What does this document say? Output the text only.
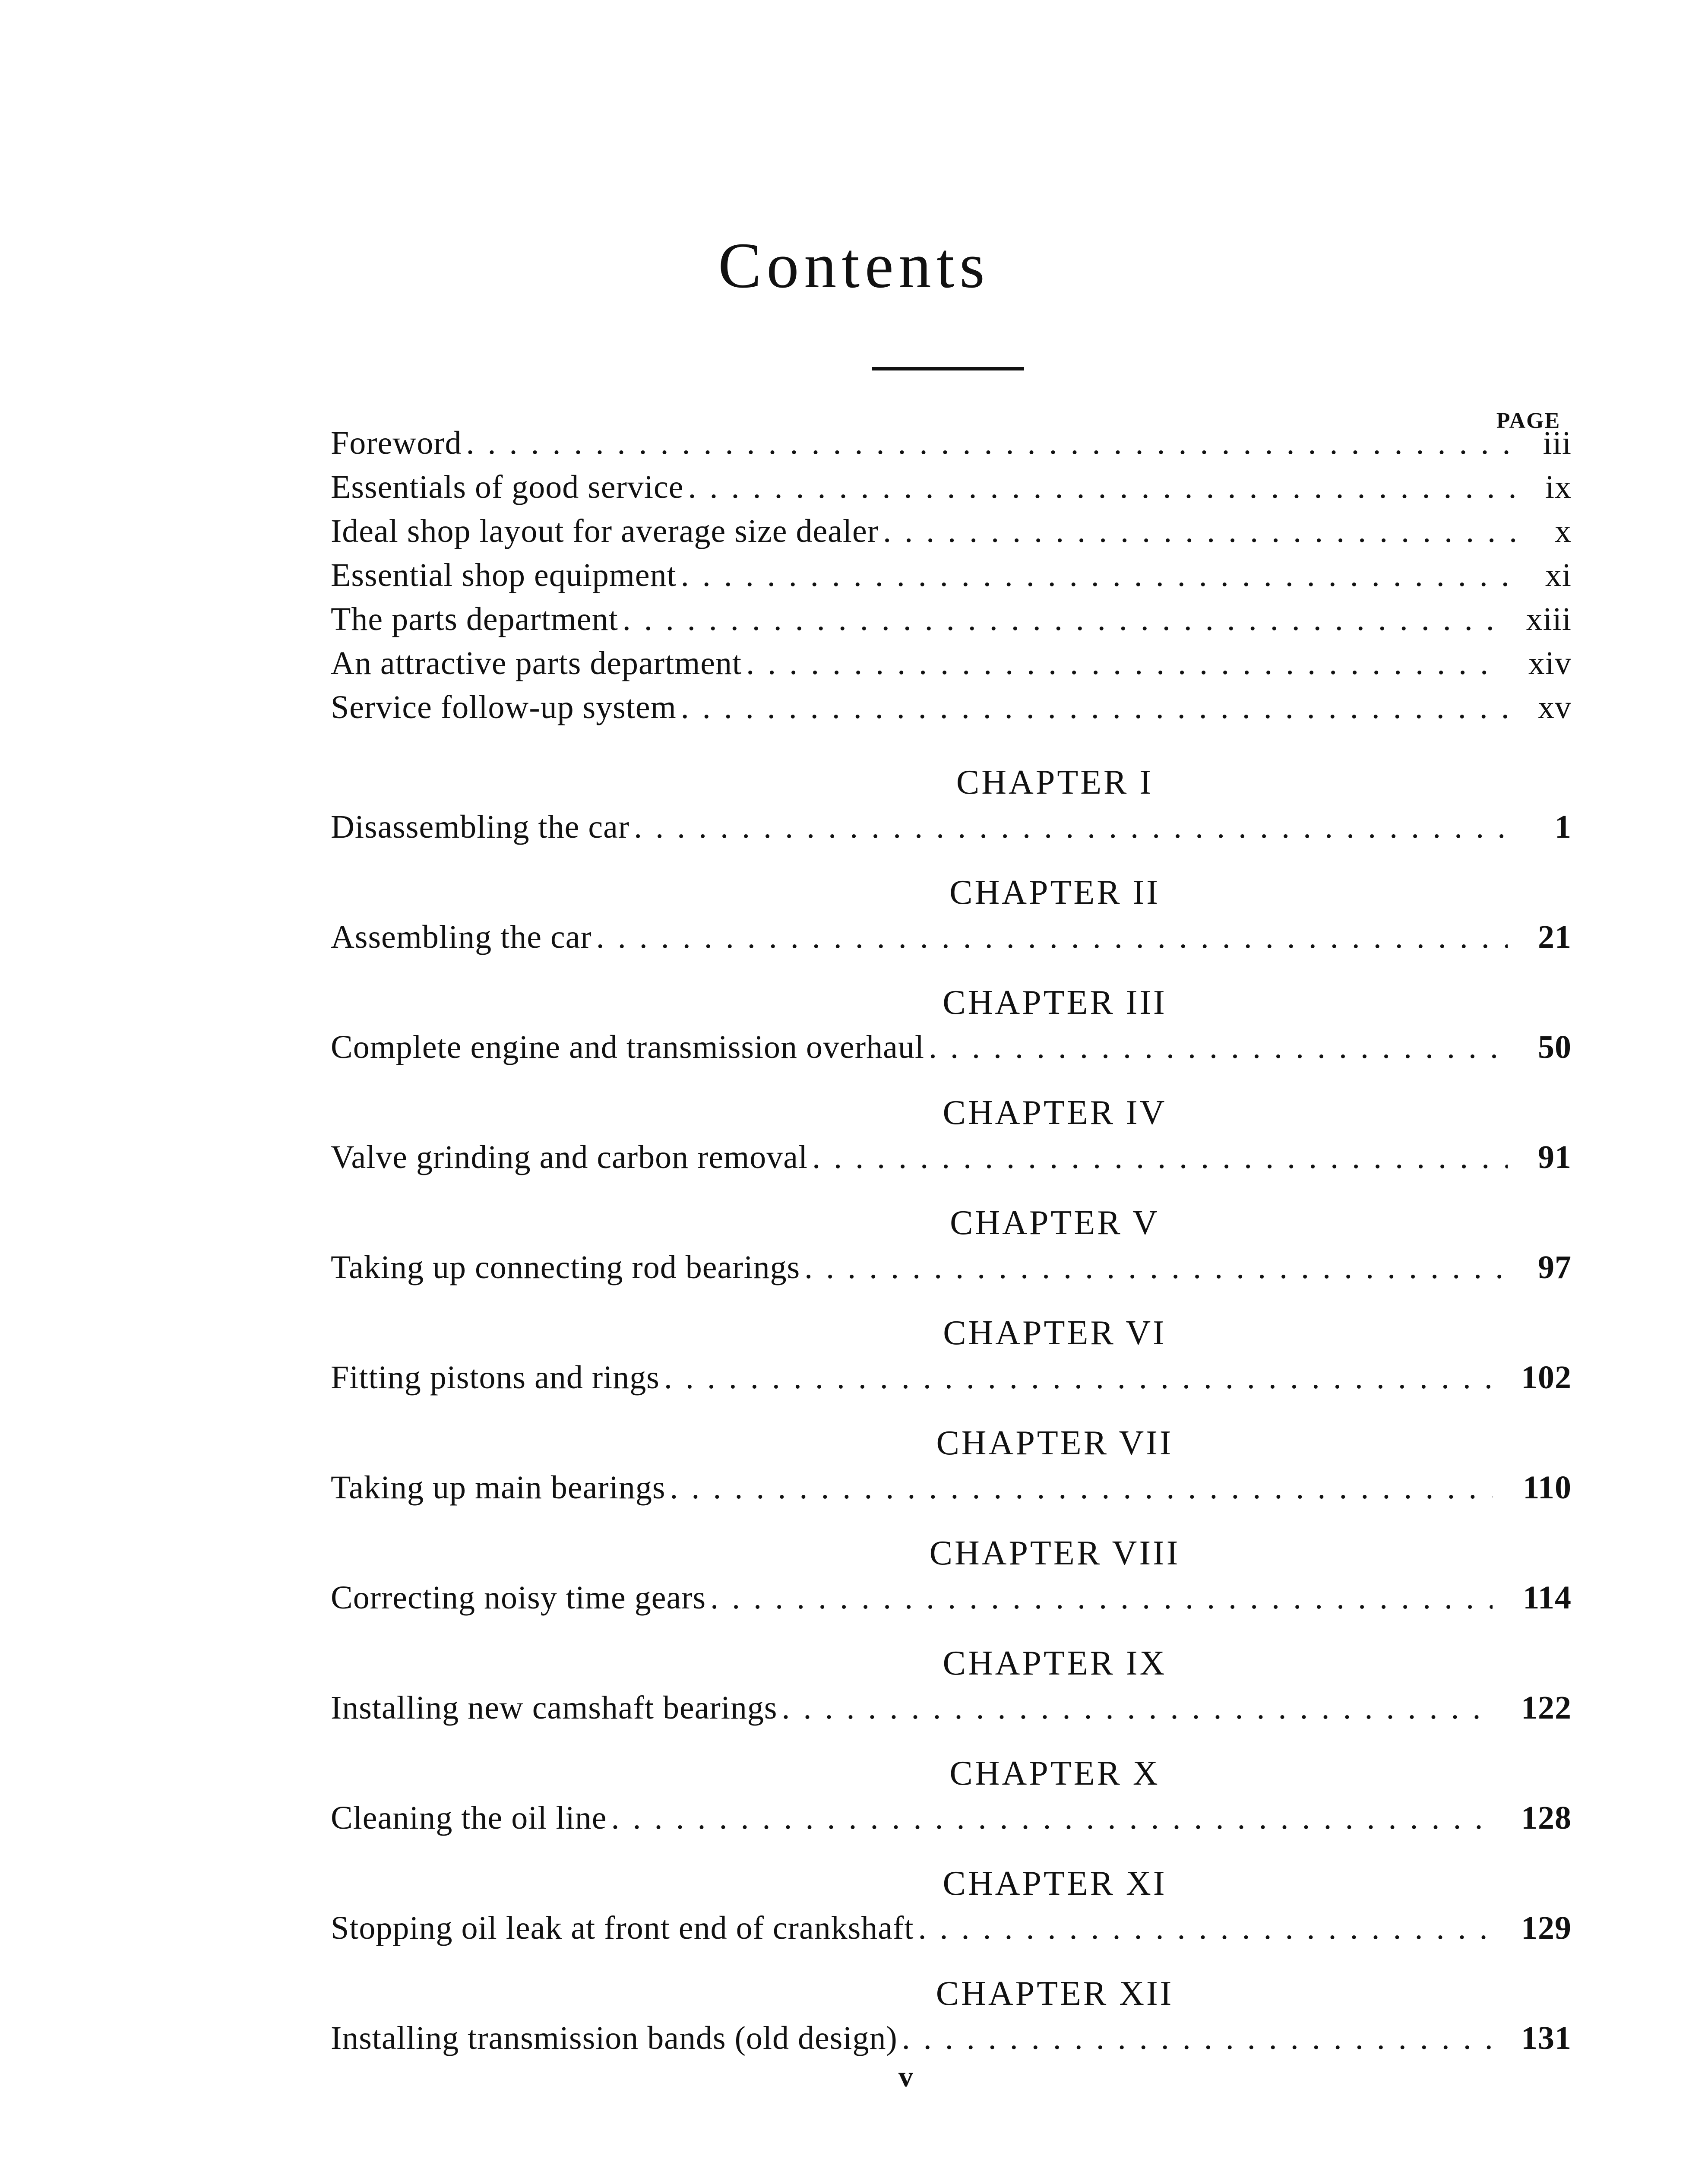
Contents
PAGE
Foreword . . .	iii
Essentials of good service . . .	ix
Ideal shop layout for average size dealer . . .	x
Essential shop equipment . . .	xi
The parts department . . .	xiii
An attractive parts department . . .	xiv
Service follow-up system . . .	xv
CHAPTER I
Disassembling the car . . .	1
CHAPTER II
Assembling the car . . .	21
CHAPTER III
Complete engine and transmission overhaul . . .	50
CHAPTER IV
Valve grinding and carbon removal . . .	91
CHAPTER V
Taking up connecting rod bearings . . .	97
CHAPTER VI
Fitting pistons and rings . . .	102
CHAPTER VII
Taking up main bearings . . .	110
CHAPTER VIII
Correcting noisy time gears . . .	114
CHAPTER IX
Installing new camshaft bearings . . .	122
CHAPTER X
Cleaning the oil line . . .	128
CHAPTER XI
Stopping oil leak at front end of crankshaft . . .	129
CHAPTER XII
Installing transmission bands (old design) . . .	131
v
